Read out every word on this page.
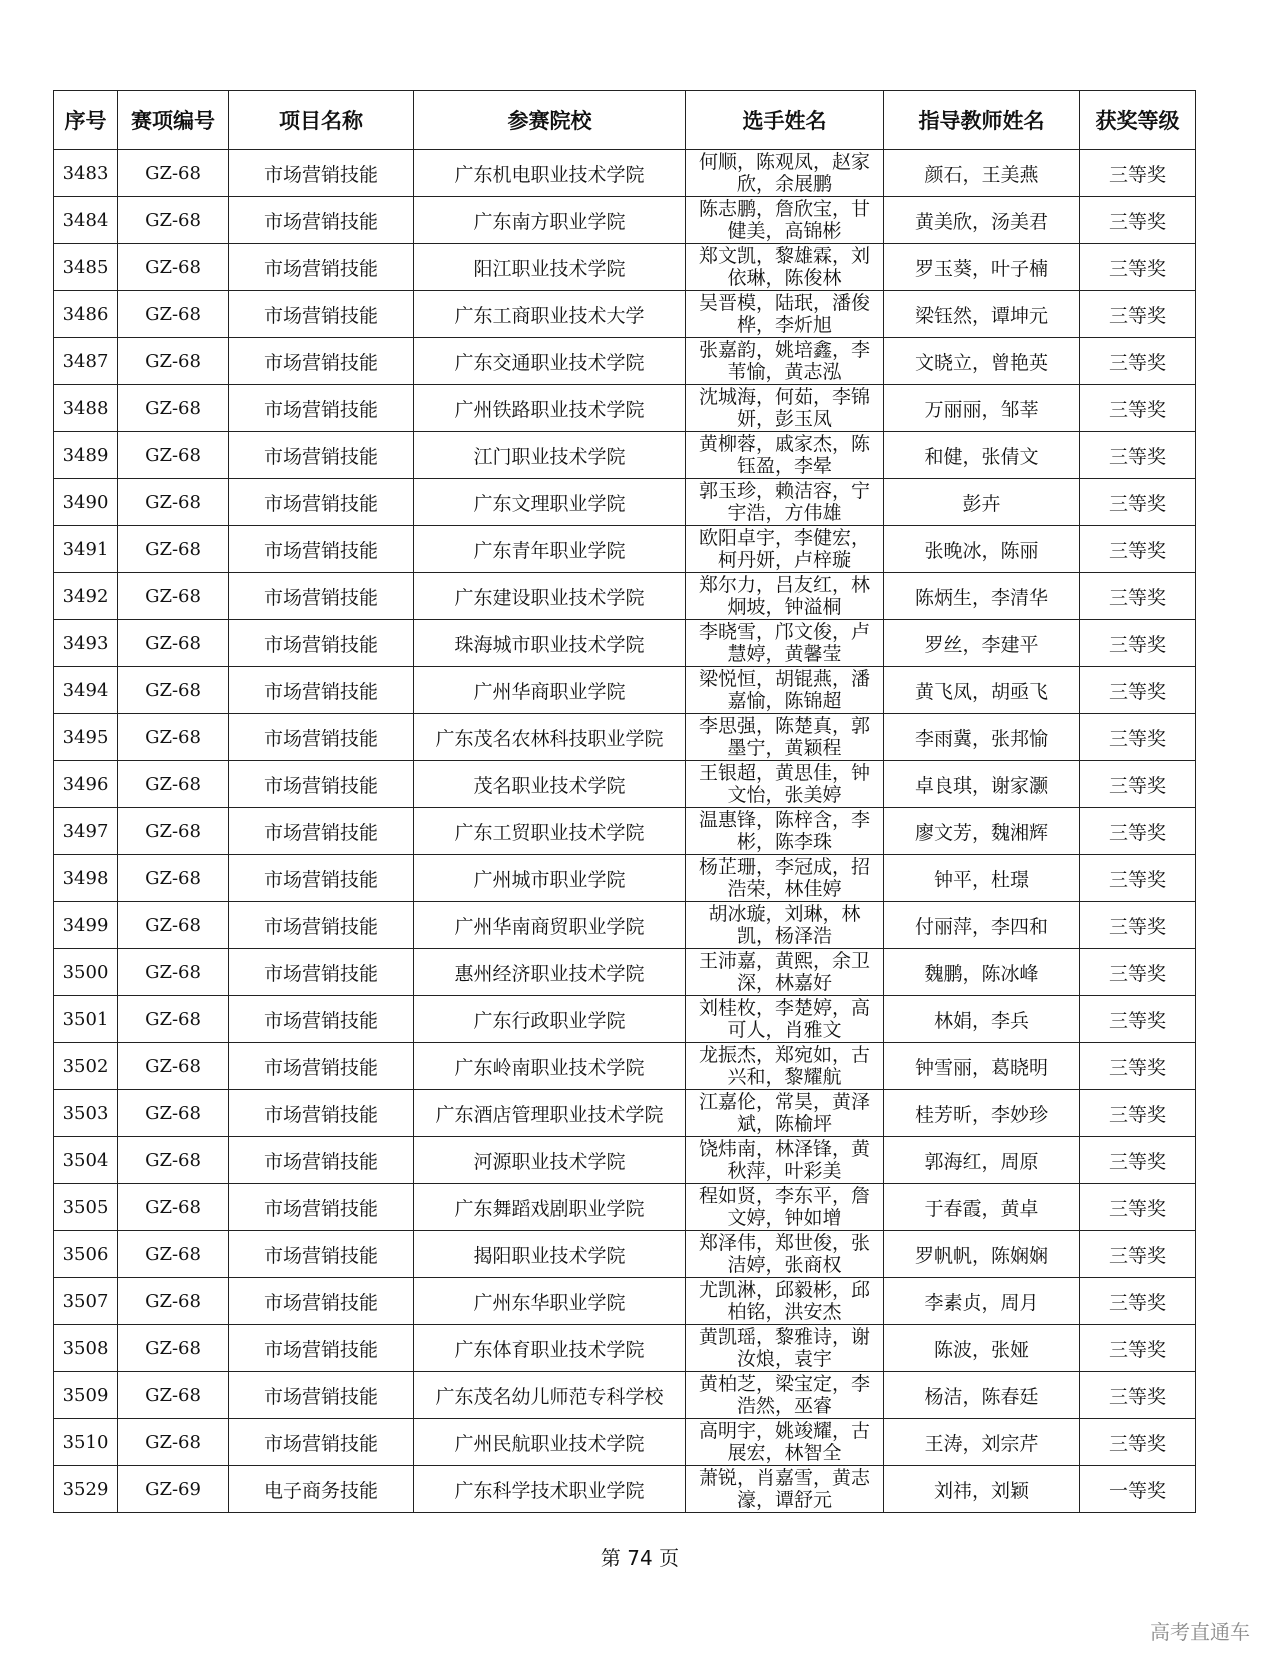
序号	赛项编号	项目名称	参赛院校	选手姓名	指导教师姓名	获奖等级
3483	GZ-68	市场营销技能	广东机电职业技术学院	何顺，陈观凤，赵家欣，余展鹏	颜石，王美燕	三等奖
3484	GZ-68	市场营销技能	广东南方职业学院	陈志鹏，詹欣宝，甘健美，高锦彬	黄美欣，汤美君	三等奖
3485	GZ-68	市场营销技能	阳江职业技术学院	郑文凯，黎雄霖，刘依琳，陈俊林	罗玉葵，叶子楠	三等奖
3486	GZ-68	市场营销技能	广东工商职业技术大学	吴晋模，陆珉，潘俊桦，李炘旭	梁钰然，谭坤元	三等奖
3487	GZ-68	市场营销技能	广东交通职业技术学院	张嘉韵，姚培鑫，李苇愉，黄志泓	文晓立，曾艳英	三等奖
3488	GZ-68	市场营销技能	广州铁路职业技术学院	沈城海，何茹，李锦妍，彭玉凤	万丽丽，邹莘	三等奖
3489	GZ-68	市场营销技能	江门职业技术学院	黄柳蓉，戚家杰，陈钰盈，李晕	和健，张倩文	三等奖
3490	GZ-68	市场营销技能	广东文理职业学院	郭玉珍，赖洁容，宁宇浩，方伟雄	彭卉	三等奖
3491	GZ-68	市场营销技能	广东青年职业学院	欧阳卓宇，李健宏，柯丹妍，卢梓璇	张晚冰，陈丽	三等奖
3492	GZ-68	市场营销技能	广东建设职业技术学院	郑尔力，吕友红，林炯坡，钟溢桐	陈炳生，李清华	三等奖
3493	GZ-68	市场营销技能	珠海城市职业技术学院	李晓雪，邝文俊，卢慧婷，黄馨莹	罗丝，李建平	三等奖
3494	GZ-68	市场营销技能	广州华商职业学院	梁悦恒，胡锟燕，潘嘉愉，陈锦超	黄飞凤，胡亟飞	三等奖
3495	GZ-68	市场营销技能	广东茂名农林科技职业学院	李思强，陈楚真，郭墨宁，黄颖程	李雨冀，张邦愉	三等奖
3496	GZ-68	市场营销技能	茂名职业技术学院	王银超，黄思佳，钟文怡，张美婷	卓良琪，谢家灏	三等奖
3497	GZ-68	市场营销技能	广东工贸职业技术学院	温惠锋，陈梓含，李彬，陈李珠	廖文芳，魏湘辉	三等奖
3498	GZ-68	市场营销技能	广州城市职业学院	杨芷珊，李冠成，招浩荣，林佳婷	钟平，杜璟	三等奖
3499	GZ-68	市场营销技能	广州华南商贸职业学院	胡冰璇，刘琳，林凯，杨泽浩	付丽萍，李四和	三等奖
3500	GZ-68	市场营销技能	惠州经济职业技术学院	王沛嘉，黄熙，余卫深，林嘉好	魏鹏，陈冰峰	三等奖
3501	GZ-68	市场营销技能	广东行政职业学院	刘桂枚，李楚婷，高可人，肖雅文	林娟，李兵	三等奖
3502	GZ-68	市场营销技能	广东岭南职业技术学院	龙振杰，郑宛如，古兴和，黎耀航	钟雪丽，葛晓明	三等奖
3503	GZ-68	市场营销技能	广东酒店管理职业技术学院	江嘉伦，常昊，黄泽斌，陈榆坪	桂芳昕，李妙珍	三等奖
3504	GZ-68	市场营销技能	河源职业技术学院	饶炜南，林泽锋，黄秋萍，叶彩美	郭海红，周原	三等奖
3505	GZ-68	市场营销技能	广东舞蹈戏剧职业学院	程如贤，李东平，詹文婷，钟如增	于春霞，黄卓	三等奖
3506	GZ-68	市场营销技能	揭阳职业技术学院	郑泽伟，郑世俊，张洁婷，张商权	罗帆帆，陈娴娴	三等奖
3507	GZ-68	市场营销技能	广州东华职业学院	尤凯淋，邱毅彬，邱柏铭，洪安杰	李素贞，周月	三等奖
3508	GZ-68	市场营销技能	广东体育职业技术学院	黄凯瑶，黎雅诗，谢汝烺，袁宇	陈波，张娅	三等奖
3509	GZ-68	市场营销技能	广东茂名幼儿师范专科学校	黄柏芝，梁宝定，李浩然，巫睿	杨洁，陈春廷	三等奖
3510	GZ-68	市场营销技能	广州民航职业技术学院	高明宇，姚竣耀，古展宏，林智全	王涛，刘宗芹	三等奖
3529	GZ-69	电子商务技能	广东科学技术职业学院	萧锐，肖嘉雪，黄志濠，谭舒元	刘祎，刘颖	一等奖
第 74 页
高考直通车
